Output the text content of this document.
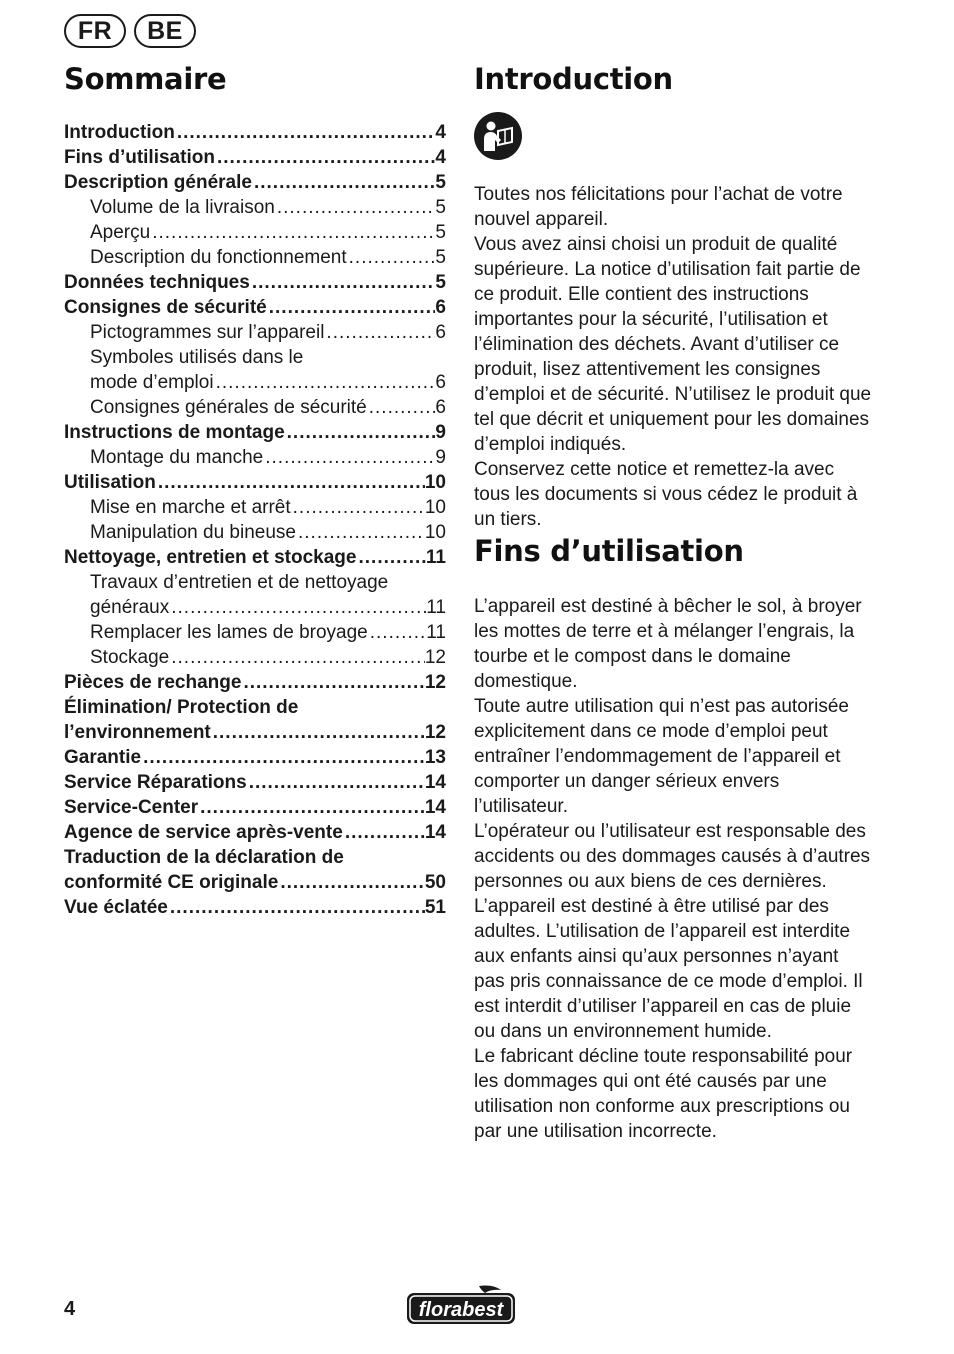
FR	BE
Sommaire
Introduction .....	4
Fins d’utilisation .....	4
Description générale .....	5
Volume de la livraison .....	5
Aperçu .....	5
Description du fonctionnement .....	5
Données techniques .....	5
Consignes de sécurité .....	6
Pictogrammes sur l’appareil .....	6
Symboles utilisés dans le
mode d’emploi .....	6
Consignes générales de sécurité .....	6
Instructions de montage .....	9
Montage du manche .....	9
Utilisation .....	10
Mise en marche et arrêt .....	10
Manipulation du bineuse .....	10
Nettoyage, entretien et stockage .....	11
Travaux d’entretien et de nettoyage
généraux .....	11
Remplacer les lames de broyage .....	11
Stockage .....	12
Pièces de rechange .....	12
Élimination/ Protection de
l’environnement .....	12
Garantie .....	13
Service Réparations .....	14
Service-Center .....	14
Agence de service après-vente .....	14
Traduction de la déclaration de
conformité CE originale .....	50
Vue éclatée .....	51
Introduction

Toutes nos félicitations pour l’achat de votre nouvel appareil.

Vous avez ainsi choisi un produit de qualité supérieure. La notice d’utilisation fait partie de ce produit. Elle contient des instructions importantes pour la sécurité, l’utilisation et l’élimination des déchets. Avant d’utiliser ce produit, lisez attentivement les consignes d’emploi et de sécurité. N’utilisez le produit que tel que décrit et uniquement pour les domaines d’emploi indiqués.

Conservez cette notice et remettez-la avec tous les documents si vous cédez le produit à un tiers.

Fins d’utilisation

L’appareil est destiné à bêcher le sol, à broyer les mottes de terre et à mélanger l’engrais, la tourbe et le compost dans le domaine domestique.

Toute autre utilisation qui n’est pas autorisée explicitement dans ce mode d’emploi peut entraîner l’endommagement de l’appareil et comporter un danger sérieux envers l’utilisateur.

L’opérateur ou l’utilisateur est responsable des accidents ou des dommages causés à d’autres personnes ou aux biens de ces dernières.

L’appareil est destiné à être utilisé par des adultes. L’utilisation de l’appareil est interdite aux enfants ainsi qu’aux personnes n’ayant pas pris connaissance de ce mode d’emploi. Il est interdit d’utiliser l’appareil en cas de pluie ou dans un environnement humide.

Le fabricant décline toute responsabilité pour les dommages qui ont été causés par une utilisation non conforme aux prescriptions ou par une utilisation incorrecte.

4	florabest
